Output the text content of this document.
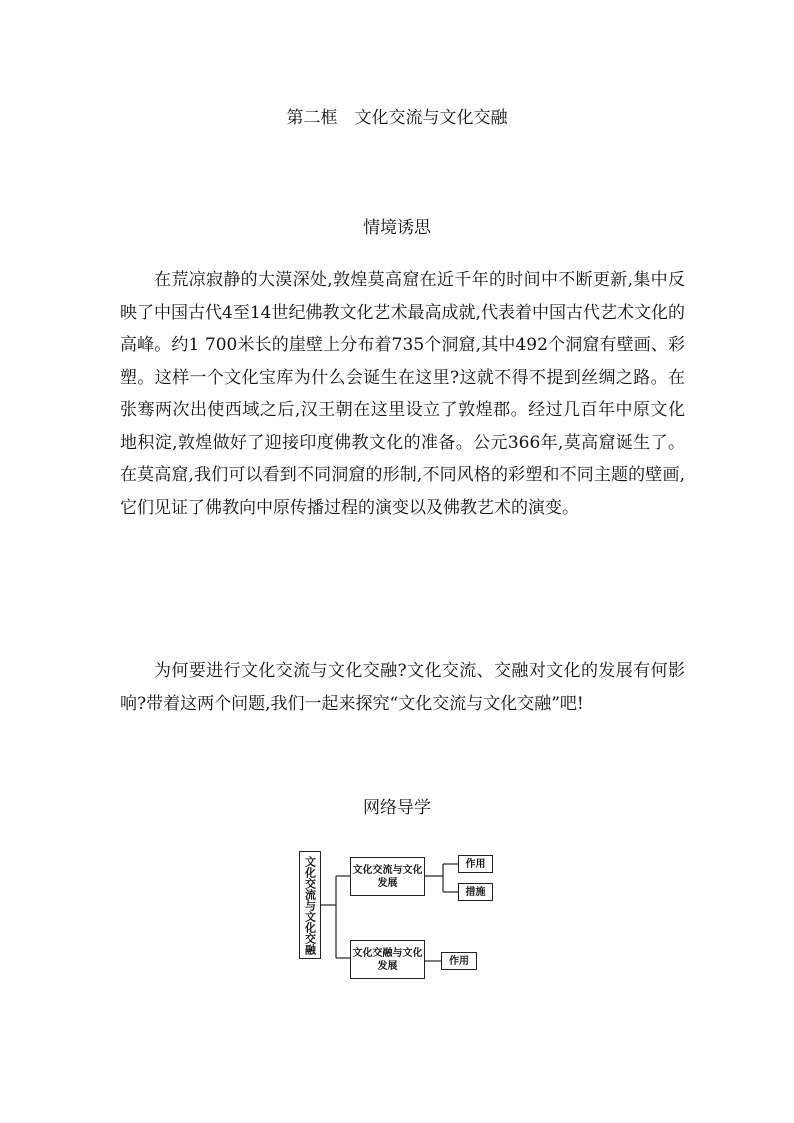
第二框　文化交流与文化交融
情境诱思

在荒凉寂静的大漠深处,敦煌莫高窟在近千年的时间中不断更新,集中反映了中国古代4至14世纪佛教文化艺术最高成就,代表着中国古代艺术文化的高峰。约1 700米长的崖壁上分布着735个洞窟,其中492个洞窟有壁画、彩塑。这样一个文化宝库为什么会诞生在这里?这就不得不提到丝绸之路。在张骞两次出使西域之后,汉王朝在这里设立了敦煌郡。经过几百年中原文化地积淀,敦煌做好了迎接印度佛教文化的准备。公元366年,莫高窟诞生了。在莫高窟,我们可以看到不同洞窟的形制,不同风格的彩塑和不同主题的壁画,它们见证了佛教向中原传播过程的演变以及佛教艺术的演变。

为何要进行文化交流与文化交融?文化交流、交融对文化的发展有何影响?带着这两个问题,我们一起来探究“文化交流与文化交融”吧!

网络导学
文化交流与文化交融	文化交流与文化发展
作用
措施
文化交融与文化发展	作用
